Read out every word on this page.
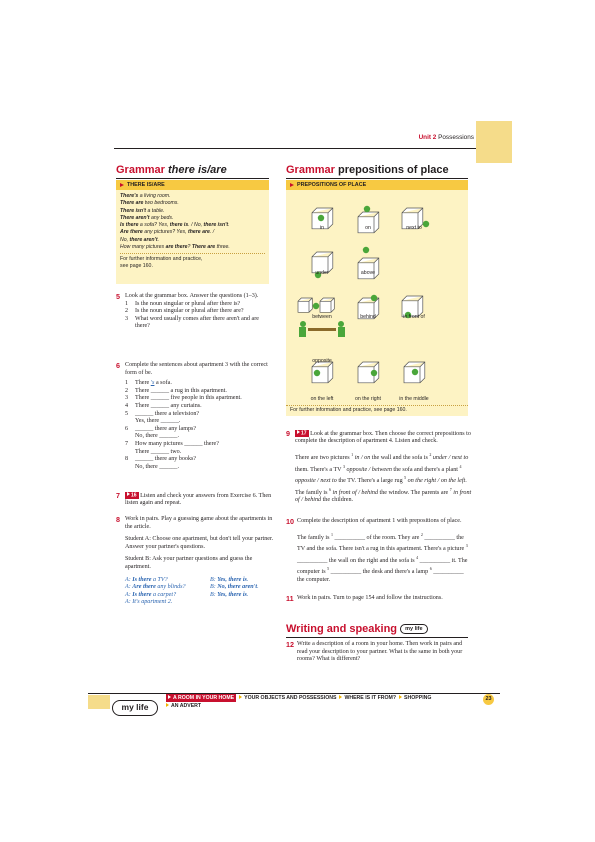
Unit 2 Possessions
Grammar there is/are
THERE IS/ARE
There's a living room.
There are two bedrooms.
There isn't a table.
There aren't any beds.
Is there a sofa? Yes, there is. / No, there isn't.
Are there any pictures? Yes, there are. /
No, there aren't.
How many pictures are there? There are three.
For further information and practice,
see page 160.
5 Look at the grammar box. Answer the questions (1–3).
1 Is the noun singular or plural after there is?
2 Is the noun singular or plural after there are?
3 What word usually comes after there aren't and are there?
6 Complete the sentences about apartment 3 with the correct form of be.
1 There 's a sofa.
2 There ______ a rug in this apartment.
3 There ______ five people in this apartment.
4 There ______ any curtains.
5 ______ there a television?
Yes, there ______.
6 ______ there any lamps?
No, there ______.
7 How many pictures ______ there?
There ______ two.
8 ______ there any books?
No, there ______.
7	16 Listen and check your answers from Exercise 6. Then listen again and repeat.
8 Work in pairs. Play a guessing game about the apartments in the article.
Student A: Choose one apartment, but don't tell your partner. Answer your partner's questions.
Student B: Ask your partner questions and guess the apartment.
A: Is there a TV?	B: Yes, there is.
A: Are there any blinds?	B: No, there aren't.
A: Is there a carpet?	B: Yes, there is.
A: It's apartment 2.
Grammar prepositions of place
PREPOSITIONS OF PLACE
in	on	next to
under	above
between	behind	in front of
opposite
on the left	on the right	in the middle
For further information and practice, see page 160.
9	17 Look at the grammar box. Then choose the correct prepositions to complete the description of apartment 4. Listen and check.
There are two pictures $^1$ in / on the wall and the sofa is $^2$ under / next to them. There's a TV $^3$ opposite / between the sofa and there's a plant $^4$ opposite / next to the TV. There's a large rug $^5$ on the right / on the left. The family is $^6$ in front of / behind the window. The parents are $^7$ in front of / behind the children.
10 Complete the description of apartment 1 with prepositions of place.
The family is $^1$ __________ of the room. They are $^2$ __________ the TV and the sofa. There isn't a rug in this apartment. There's a picture $^3$ __________ the wall on the right and the sofa is $^4$ __________ it. The computer is $^5$ __________ the desk and there's a lamp $^6$ __________ the computer.
11 Work in pairs. Turn to page 154 and follow the instructions.
Writing and speaking my life
12 Write a description of a room in your home. Then work in pairs and read your description to your partner. What is the same in both your rooms? What is different?
my life
A ROOM IN YOUR HOME YOUR OBJECTS AND POSSESSIONS WHERE IS IT FROM? SHOPPING
AN ADVERT
23
